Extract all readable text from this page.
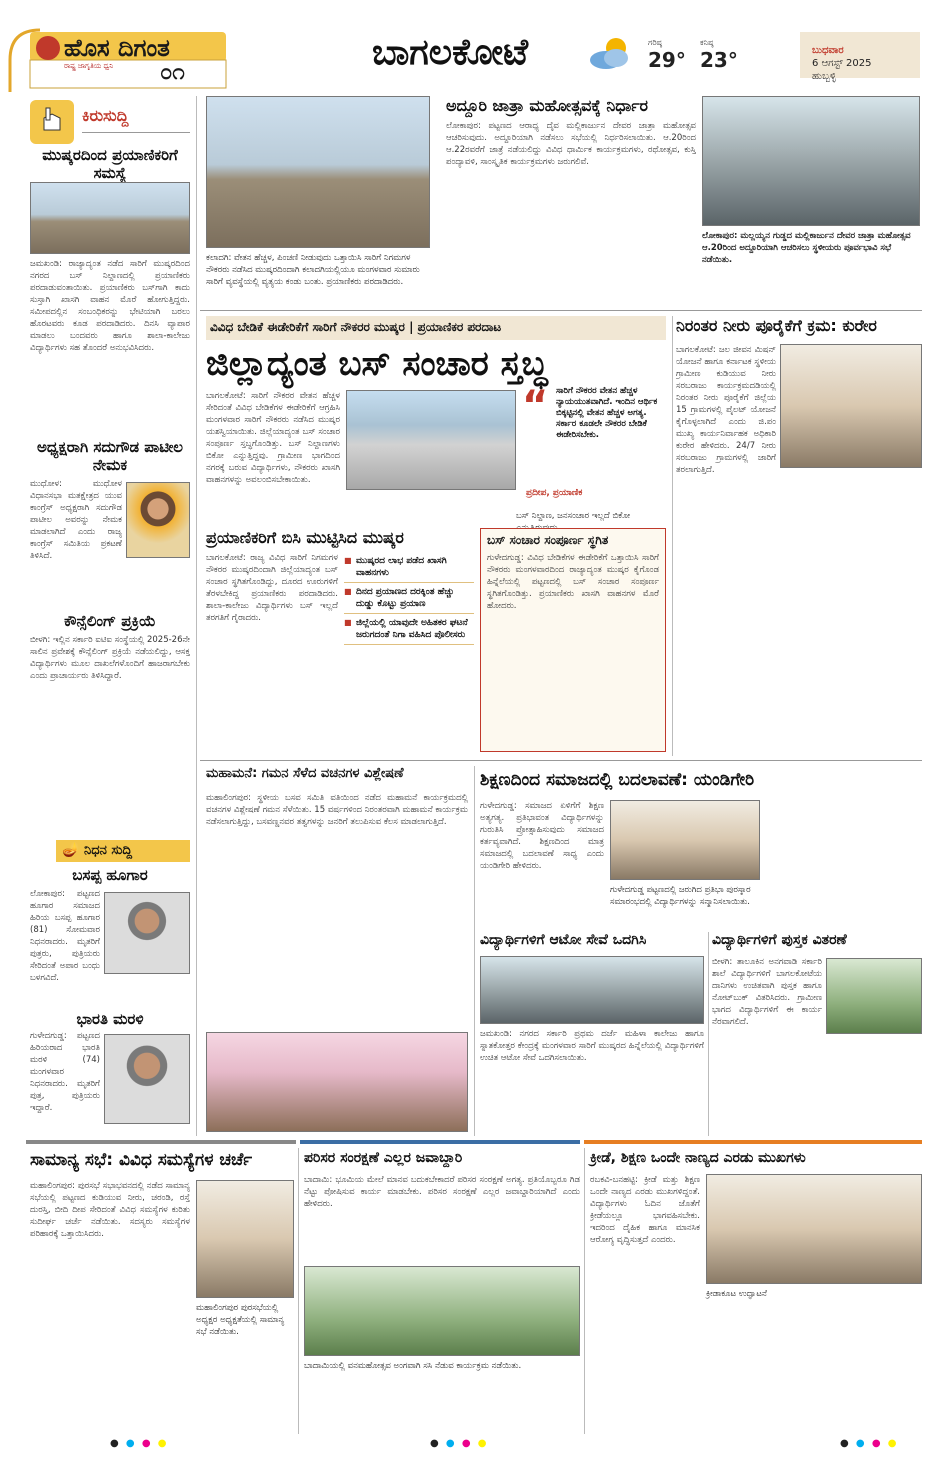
ಹೊಸ ದಿಗಂತ
ರಾಷ್ಟ್ರ ಜಾಗೃತಿಯ ಧ್ವನಿ ೦೧	ಬಾಗಲಕೋಟೆ	ಗರಿಷ್ಠ
29°
ಕನಿಷ್ಠ
23°	ಬುಧವಾರ
6 ಆಗಸ್ಟ್ 2025
ಹುಬ್ಬಳ್ಳಿ
ಕಿರುಸುದ್ದಿ
ಮುಷ್ಕರದಿಂದ ಪ್ರಯಾಣಿಕರಿಗೆ ಸಮಸ್ಯೆ
ಜಮಖಂಡಿ: ರಾಜ್ಯಾದ್ಯಂತ ನಡೆದ ಸಾರಿಗೆ ಮುಷ್ಕರದಿಂದ ನಗರದ ಬಸ್ ನಿಲ್ದಾಣದಲ್ಲಿ ಪ್ರಯಾಣಿಕರು ಪರದಾಡುವಂತಾಯಿತು. ಪ್ರಯಾಣಿಕರು ಬಸ್‌ಗಾಗಿ ಕಾದು ಸುಸ್ತಾಗಿ ಖಾಸಗಿ ವಾಹನ ಮೊರೆ ಹೋಗುತ್ತಿದ್ದರು. ಸಮೀಪದಲ್ಲಿನ ಸಂಬಂಧಿಕರನ್ನು ಭೇಟಿಯಾಗಿ ಬರಲು ಹೊರಟವರು ಕೂಡ ಪರದಾಡಿದರು. ದಿನಸಿ ವ್ಯಾಪಾರ ಮಾಡಲು ಬಂದವರು ಹಾಗೂ ಶಾಲಾ-ಕಾಲೇಜು ವಿದ್ಯಾರ್ಥಿಗಳು ಸಹ ತೊಂದರೆ ಅನುಭವಿಸಿದರು.
ಅಧ್ಯಕ್ಷರಾಗಿ ಸದುಗೌಡ ಪಾಟೀಲ ನೇಮಕ
ಮುಧೋಳ: ಮುಧೋಳ ವಿಧಾನಸಭಾ ಮತಕ್ಷೇತ್ರದ ಯುವ ಕಾಂಗ್ರೆಸ್ ಅಧ್ಯಕ್ಷರಾಗಿ ಸದುಗೌಡ ಪಾಟೀಲ ಅವರನ್ನು ನೇಮಕ ಮಾಡಲಾಗಿದೆ ಎಂದು ರಾಜ್ಯ ಕಾಂಗ್ರೆಸ್ ಸಮಿತಿಯ ಪ್ರಕಟಣೆ ತಿಳಿಸಿದೆ.
ಕೌನ್ಸೆಲಿಂಗ್ ಪ್ರಕ್ರಿಯೆ
ಬೀಳಗಿ: ಇಲ್ಲಿನ ಸರ್ಕಾರಿ ಐಟಿಐ ಸಂಸ್ಥೆಯಲ್ಲಿ 2025-26ನೇ ಸಾಲಿನ ಪ್ರವೇಶಕ್ಕೆ ಕೌನ್ಸೆಲಿಂಗ್ ಪ್ರಕ್ರಿಯೆ ನಡೆಯಲಿದ್ದು, ಆಸಕ್ತ ವಿದ್ಯಾರ್ಥಿಗಳು ಮೂಲ ದಾಖಲೆಗಳೊಂದಿಗೆ ಹಾಜರಾಗಬೇಕು ಎಂದು ಪ್ರಾಚಾರ್ಯರು ತಿಳಿಸಿದ್ದಾರೆ.
🪔 ನಿಧನ ಸುದ್ದಿ
ಬಸಪ್ಪ ಹೂಗಾರ
ಲೋಕಾಪುರ: ಪಟ್ಟಣದ ಹೂಗಾರ ಸಮಾಜದ ಹಿರಿಯ ಬಸಪ್ಪ ಹೂಗಾರ (81) ಸೋಮವಾರ ನಿಧನರಾದರು. ಮೃತರಿಗೆ ಪುತ್ರರು, ಪುತ್ರಿಯರು ಸೇರಿದಂತೆ ಅಪಾರ ಬಂಧು ಬಳಗವಿದೆ.
ಭಾರತಿ ಮರಳಿ
ಗುಳೇದಗುಡ್ಡ: ಪಟ್ಟಣದ ಹಿರಿಯರಾದ ಭಾರತಿ ಮರಳಿ (74) ಮಂಗಳವಾರ ನಿಧನರಾದರು. ಮೃತರಿಗೆ ಪುತ್ರ, ಪುತ್ರಿಯರು ಇದ್ದಾರೆ.
ಕಲಾದಗಿ: ವೇತನ ಹೆಚ್ಚಳ, ಪಿಂಚಣಿ ನೀಡುವುದು ಒತ್ತಾಯಿಸಿ ಸಾರಿಗೆ ನಿಗಮಗಳ ನೌಕರರು ನಡೆಸಿದ ಮುಷ್ಕರದಿಂದಾಗಿ ಕಲಾದಗಿಯಲ್ಲಿಯೂ ಮಂಗಳವಾರ ಸುಮಾರು ಸಾರಿಗೆ ವ್ಯವಸ್ಥೆಯಲ್ಲಿ ವ್ಯತ್ಯಯ ಕಂಡು ಬಂತು. ಪ್ರಯಾಣಿಕರು ಪರದಾಡಿದರು.
ಅದ್ದೂರಿ ಜಾತ್ರಾ ಮಹೋತ್ಸವಕ್ಕೆ ನಿರ್ಧಾರ
ಲೋಕಾಪುರ: ಪಟ್ಟಣದ ಆರಾಧ್ಯ ದೈವ ಮಲ್ಲಿಕಾರ್ಜುನ ದೇವರ ಜಾತ್ರಾ ಮಹೋತ್ಸವ ಆಚರಿಸುವುದು. ಅದ್ದೂರಿಯಾಗಿ ನಡೆಸಲು ಸಭೆಯಲ್ಲಿ ನಿರ್ಧರಿಸಲಾಯಿತು. ಆ.20ರಿಂದ ಆ.22ರವರೆಗೆ ಜಾತ್ರೆ ನಡೆಯಲಿದ್ದು ವಿವಿಧ ಧಾರ್ಮಿಕ ಕಾರ್ಯಕ್ರಮಗಳು, ರಥೋತ್ಸವ, ಕುಸ್ತಿ ಪಂದ್ಯಾವಳಿ, ಸಾಂಸ್ಕೃತಿಕ ಕಾರ್ಯಕ್ರಮಗಳು ಜರುಗಲಿವೆ.
ಲೋಕಾಪುರ: ಮಲ್ಲಯ್ಯನ ಗುಡ್ಡದ ಮಲ್ಲಿಕಾರ್ಜುನ ದೇವರ ಜಾತ್ರಾ ಮಹೋತ್ಸವ ಆ.20ರಿಂದ ಅದ್ದೂರಿಯಾಗಿ ಆಚರಿಸಲು ಸ್ಥಳೀಯರು ಪೂರ್ವಭಾವಿ ಸಭೆ ನಡೆಯಿತು.
ವಿವಿಧ ಬೇಡಿಕೆ ಈಡೇರಿಕೆಗೆ ಸಾರಿಗೆ ನೌಕರರ ಮುಷ್ಕರ | ಪ್ರಯಾಣಿಕರ ಪರದಾಟ
ಜಿಲ್ಲಾದ್ಯಂತ ಬಸ್ ಸಂಚಾರ ಸ್ತಬ್ಧ
ಬಾಗಲಕೋಟೆ: ಸಾರಿಗೆ ನೌಕರರ ವೇತನ ಹೆಚ್ಚಳ ಸೇರಿದಂತೆ ವಿವಿಧ ಬೇಡಿಕೆಗಳ ಈಡೇರಿಕೆಗೆ ಆಗ್ರಹಿಸಿ ಮಂಗಳವಾರ ಸಾರಿಗೆ ನೌಕರರು ನಡೆಸಿದ ಮುಷ್ಕರ ಯಶಸ್ವಿಯಾಯಿತು. ಜಿಲ್ಲೆಯಾದ್ಯಂತ ಬಸ್ ಸಂಚಾರ ಸಂಪೂರ್ಣ ಸ್ತಬ್ಧಗೊಂಡಿತ್ತು. ಬಸ್ ನಿಲ್ದಾಣಗಳು ಬಿಕೋ ಎನ್ನುತ್ತಿದ್ದವು. ಗ್ರಾಮೀಣ ಭಾಗದಿಂದ ನಗರಕ್ಕೆ ಬರುವ ವಿದ್ಯಾರ್ಥಿಗಳು, ನೌಕರರು ಖಾಸಗಿ ವಾಹನಗಳನ್ನು ಅವಲಂಬಿಸಬೇಕಾಯಿತು.
“ ಸಾರಿಗೆ ನೌಕರರ ವೇತನ ಹೆಚ್ಚಳ ನ್ಯಾಯಯುತವಾಗಿದೆ. ಇಂದಿನ ಆರ್ಥಿಕ ಬಿಕ್ಕಟ್ಟಿನಲ್ಲಿ ವೇತನ ಹೆಚ್ಚಳ ಅಗತ್ಯ. ಸರ್ಕಾರ ಕೂಡಲೇ ನೌಕರರ ಬೇಡಿಕೆ ಈಡೇರಿಸಬೇಕು.
ಪ್ರದೀಪ, ಪ್ರಯಾಣಿಕ
ಬಸ್ ನಿಲ್ದಾಣ, ಜನಸಂಚಾರ ಇಲ್ಲದೆ ಬಿಕೋ
ಪ್ರಯಾಣಿಕರಿಗೆ ಬಿಸಿ ಮುಟ್ಟಿಸಿದ ಮುಷ್ಕರ
ಬಾಗಲಕೋಟೆ: ರಾಜ್ಯ ವಿವಿಧ ಸಾರಿಗೆ ನಿಗಮಗಳ ನೌಕರರ ಮುಷ್ಕರದಿಂದಾಗಿ ಜಿಲ್ಲೆಯಾದ್ಯಂತ ಬಸ್ ಸಂಚಾರ ಸ್ಥಗಿತಗೊಂಡಿದ್ದು, ದೂರದ ಊರುಗಳಿಗೆ ತೆರಳಬೇಕಿದ್ದ ಪ್ರಯಾಣಿಕರು ಪರದಾಡಿದರು. ಶಾಲಾ-ಕಾಲೇಜು ವಿದ್ಯಾರ್ಥಿಗಳು ಬಸ್ ಇಲ್ಲದೆ ತರಗತಿಗೆ ಗೈರಾದರು.
■ ಮುಷ್ಕರದ ಲಾಭ ಪಡೆದ ಖಾಸಗಿ ವಾಹನಗಳು
■ ದಿನದ ಪ್ರಯಾಣದ ದರಕ್ಕಿಂತ ಹೆಚ್ಚು ದುಡ್ಡು ಕೊಟ್ಟು ಪ್ರಯಾಣ
■ ಜಿಲ್ಲೆಯಲ್ಲಿ ಯಾವುದೇ ಅಹಿತಕರ ಘಟನೆ ಜರುಗದಂತೆ ನಿಗಾ ವಹಿಸಿದ ಪೊಲೀಸರು
ಬಸ್ ಸಂಚಾರ ಸಂಪೂರ್ಣ ಸ್ಥಗಿತ
ಗುಳೇದಗುಡ್ಡ: ವಿವಿಧ ಬೇಡಿಕೆಗಳ ಈಡೇರಿಕೆಗೆ ಒತ್ತಾಯಿಸಿ ಸಾರಿಗೆ ನೌಕರರು ಮಂಗಳವಾರದಿಂದ ರಾಜ್ಯಾದ್ಯಂತ ಮುಷ್ಕರ ಕೈಗೊಂಡ ಹಿನ್ನೆಲೆಯಲ್ಲಿ ಪಟ್ಟಣದಲ್ಲಿ ಬಸ್ ಸಂಚಾರ ಸಂಪೂರ್ಣ ಸ್ಥಗಿತಗೊಂಡಿತ್ತು. ಪ್ರಯಾಣಿಕರು ಖಾಸಗಿ ವಾಹನಗಳ ಮೊರೆ ಹೋದರು.
ನಿರಂತರ ನೀರು ಪೂರೈಕೆಗೆ ಕ್ರಮ: ಕುರೇರ
ಬಾಗಲಕೋಟೆ: ಜಲ ಜೀವನ ಮಿಷನ್ ಯೋಜನೆ ಹಾಗೂ ಕರ್ನಾಟಕ ಸ್ಥಳೀಯ ಗ್ರಾಮೀಣ ಕುಡಿಯುವ ನೀರು ಸರಬರಾಜು ಕಾರ್ಯಕ್ರಮದಡಿಯಲ್ಲಿ ನಿರಂತರ ನೀರು ಪೂರೈಕೆಗೆ ಜಿಲ್ಲೆಯ 15 ಗ್ರಾಮಗಳಲ್ಲಿ ಪೈಲಟ್ ಯೋಜನೆ ಕೈಗೊಳ್ಳಲಾಗಿದೆ ಎಂದು ಜಿ.ಪಂ ಮುಖ್ಯ ಕಾರ್ಯನಿರ್ವಾಹಕ ಅಧಿಕಾರಿ ಕುರೇರ ಹೇಳಿದರು. 24/7 ನೀರು ಸರಬರಾಜು ಗ್ರಾಮಗಳಲ್ಲಿ ಜಾರಿಗೆ ತರಲಾಗುತ್ತಿದೆ.
ಮಹಾಮನೆ: ಗಮನ ಸೆಳೆದ ವಚನಗಳ ವಿಶ್ಲೇಷಣೆ
ಮಹಾಲಿಂಗಪುರ: ಸ್ಥಳೀಯ ಬಸವ ಸಮಿತಿ ವತಿಯಿಂದ ನಡೆದ ಮಹಾಮನೆ ಕಾರ್ಯಕ್ರಮದಲ್ಲಿ ವಚನಗಳ ವಿಶ್ಲೇಷಣೆ ಗಮನ ಸೆಳೆಯಿತು. 15 ವರ್ಷಗಳಿಂದ ನಿರಂತರವಾಗಿ ಮಹಾಮನೆ ಕಾರ್ಯಕ್ರಮ ನಡೆಸಲಾಗುತ್ತಿದ್ದು, ಬಸವಣ್ಣನವರ ತತ್ವಗಳನ್ನು ಜನರಿಗೆ ತಲುಪಿಸುವ ಕೆಲಸ ಮಾಡಲಾಗುತ್ತಿದೆ.
ಶಿಕ್ಷಣದಿಂದ ಸಮಾಜದಲ್ಲಿ ಬದಲಾವಣೆ: ಯಂಡಿಗೇರಿ
ಗುಳೇದಗುಡ್ಡ: ಸಮಾಜದ ಏಳಿಗೆಗೆ ಶಿಕ್ಷಣ ಅತ್ಯಗತ್ಯ. ಪ್ರತಿಭಾವಂತ ವಿದ್ಯಾರ್ಥಿಗಳನ್ನು ಗುರುತಿಸಿ ಪ್ರೋತ್ಸಾಹಿಸುವುದು ಸಮಾಜದ ಕರ್ತವ್ಯವಾಗಿದೆ. ಶಿಕ್ಷಣದಿಂದ ಮಾತ್ರ ಸಮಾಜದಲ್ಲಿ ಬದಲಾವಣೆ ಸಾಧ್ಯ ಎಂದು ಯಂಡಿಗೇರಿ ಹೇಳಿದರು.
ಗುಳೇದಗುಡ್ಡ ಪಟ್ಟಣದಲ್ಲಿ ಜರುಗಿದ ಪ್ರತಿಭಾ ಪುರಸ್ಕಾರ ಸಮಾರಂಭದಲ್ಲಿ ವಿದ್ಯಾರ್ಥಿಗಳನ್ನು ಸನ್ಮಾನಿಸಲಾಯಿತು.
ವಿದ್ಯಾರ್ಥಿಗಳಿಗೆ ಆಟೋ ಸೇವೆ ಒದಗಿಸಿ
ಜಮಖಂಡಿ: ನಗರದ ಸರ್ಕಾರಿ ಪ್ರಥಮ ದರ್ಜೆ ಮಹಿಳಾ ಕಾಲೇಜು ಹಾಗೂ ಸ್ನಾತಕೋತ್ತರ ಕೇಂದ್ರಕ್ಕೆ ಮಂಗಳವಾರ ಸಾರಿಗೆ ಮುಷ್ಕರದ ಹಿನ್ನೆಲೆಯಲ್ಲಿ ವಿದ್ಯಾರ್ಥಿಗಳಿಗೆ ಉಚಿತ ಆಟೋ ಸೇವೆ ಒದಗಿಸಲಾಯಿತು.
ವಿದ್ಯಾರ್ಥಿಗಳಿಗೆ ಪುಸ್ತಕ ವಿತರಣೆ
ಬೀಳಗಿ: ತಾಲೂಕಿನ ಅನಗವಾಡಿ ಸರ್ಕಾರಿ ಶಾಲೆ ವಿದ್ಯಾರ್ಥಿಗಳಿಗೆ ಬಾಗಲಕೋಟೆಯ ದಾನಿಗಳು ಉಚಿತವಾಗಿ ಪುಸ್ತಕ ಹಾಗೂ ನೋಟ್‌ಬುಕ್ ವಿತರಿಸಿದರು. ಗ್ರಾಮೀಣ ಭಾಗದ ವಿದ್ಯಾರ್ಥಿಗಳಿಗೆ ಈ ಕಾರ್ಯ ನೆರವಾಗಲಿದೆ.
ಸಾಮಾನ್ಯ ಸಭೆ: ವಿವಿಧ ಸಮಸ್ಯೆಗಳ ಚರ್ಚೆ
ಮಹಾಲಿಂಗಪುರ: ಪುರಸಭೆ ಸಭಾಭವನದಲ್ಲಿ ನಡೆದ ಸಾಮಾನ್ಯ ಸಭೆಯಲ್ಲಿ ಪಟ್ಟಣದ ಕುಡಿಯುವ ನೀರು, ಚರಂಡಿ, ರಸ್ತೆ ದುರಸ್ತಿ, ಬೀದಿ ದೀಪ ಸೇರಿದಂತೆ ವಿವಿಧ ಸಮಸ್ಯೆಗಳ ಕುರಿತು ಸುದೀರ್ಘ ಚರ್ಚೆ ನಡೆಯಿತು. ಸದಸ್ಯರು ಸಮಸ್ಯೆಗಳ ಪರಿಹಾರಕ್ಕೆ ಒತ್ತಾಯಿಸಿದರು.
ಮಹಾಲಿಂಗಪುರ ಪುರಸಭೆಯಲ್ಲಿ ಅಧ್ಯಕ್ಷರ ಅಧ್ಯಕ್ಷತೆಯಲ್ಲಿ ಸಾಮಾನ್ಯ ಸಭೆ ನಡೆಯಿತು.
ಪರಿಸರ ಸಂರಕ್ಷಣೆ ಎಲ್ಲರ ಜವಾಬ್ದಾರಿ
ಬಾದಾಮಿ: ಭೂಮಿಯ ಮೇಲೆ ಮಾನವ ಬದುಕಬೇಕಾದರೆ ಪರಿಸರ ಸಂರಕ್ಷಣೆ ಅಗತ್ಯ. ಪ್ರತಿಯೊಬ್ಬರೂ ಗಿಡ ನೆಟ್ಟು ಪೋಷಿಸುವ ಕಾರ್ಯ ಮಾಡಬೇಕು. ಪರಿಸರ ಸಂರಕ್ಷಣೆ ಎಲ್ಲರ ಜವಾಬ್ದಾರಿಯಾಗಿದೆ ಎಂದು ಹೇಳಿದರು.
ಬಾದಾಮಿಯಲ್ಲಿ ವನಮಹೋತ್ಸವ ಅಂಗವಾಗಿ ಸಸಿ ನೆಡುವ ಕಾರ್ಯಕ್ರಮ ನಡೆಯಿತು.
ಕ್ರೀಡೆ, ಶಿಕ್ಷಣ ಒಂದೇ ನಾಣ್ಯದ ಎರಡು ಮುಖಗಳು
ರಬಕವಿ-ಬನಹಟ್ಟಿ: ಕ್ರೀಡೆ ಮತ್ತು ಶಿಕ್ಷಣ ಒಂದೇ ನಾಣ್ಯದ ಎರಡು ಮುಖಗಳಿದ್ದಂತೆ. ವಿದ್ಯಾರ್ಥಿಗಳು ಓದಿನ ಜೊತೆಗೆ ಕ್ರೀಡೆಯಲ್ಲೂ ಭಾಗವಹಿಸಬೇಕು. ಇದರಿಂದ ದೈಹಿಕ ಹಾಗೂ ಮಾನಸಿಕ ಆರೋಗ್ಯ ವೃದ್ಧಿಸುತ್ತದೆ ಎಂದರು.
ಕ್ರೀಡಾಕೂಟ ಉದ್ಘಾಟನೆ
● ● ● ●	● ● ● ●	● ● ● ●
